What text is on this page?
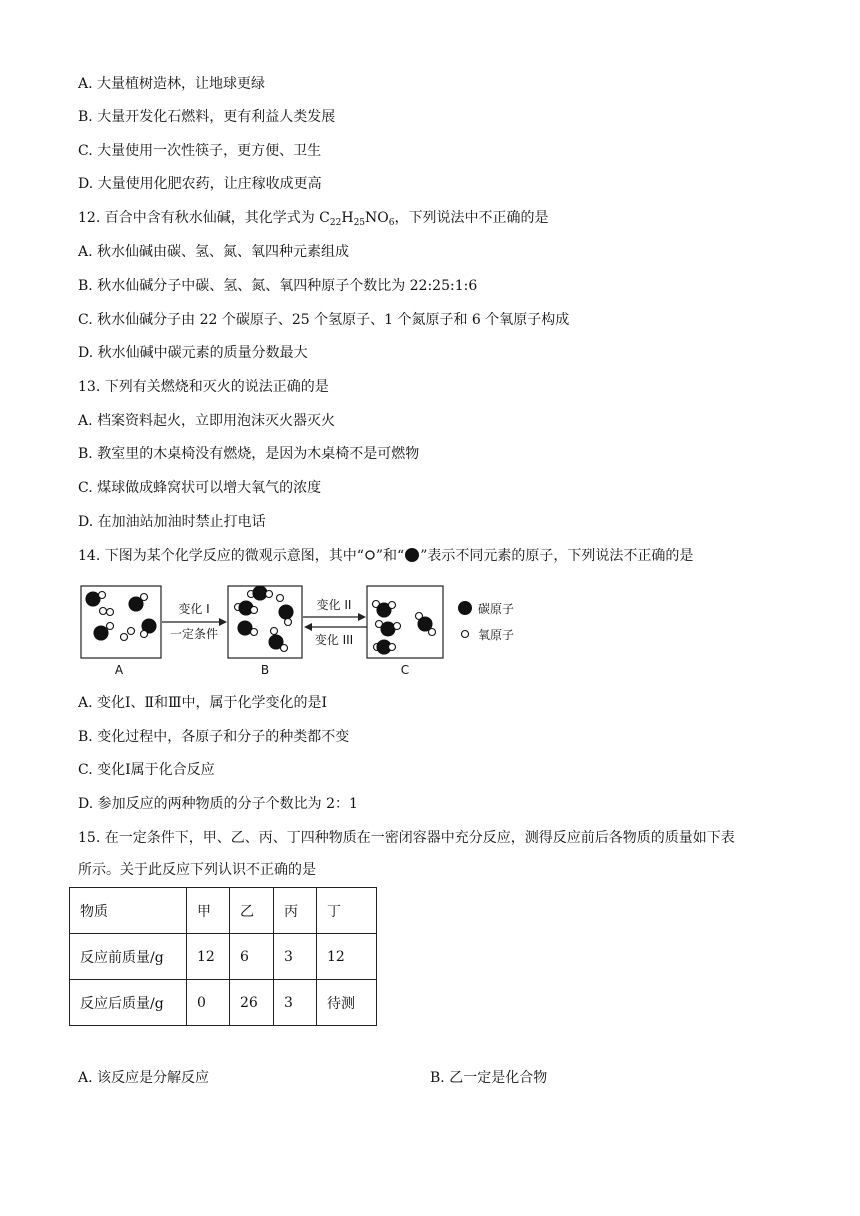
A. 大量植树造林，让地球更绿
B. 大量开发化石燃料，更有利益人类发展
C. 大量使用一次性筷子，更方便、卫生
D. 大量使用化肥农药，让庄稼收成更高
12. 百合中含有秋水仙碱，其化学式为 $C_{22}H_{25}NO_6$，下列说法中不正确的是
A. 秋水仙碱由碳、氢、氮、氧四种元素组成
B. 秋水仙碱分子中碳、氢、氮、氧四种原子个数比为 22:25:1:6
C. 秋水仙碱分子由 22 个碳原子、25 个氢原子、1 个氮原子和 6 个氧原子构成
D. 秋水仙碱中碳元素的质量分数最大
13. 下列有关燃烧和灭火的说法正确的是
A. 档案资料起火，立即用泡沫灭火器灭火
B. 教室里的木桌椅没有燃烧，是因为木桌椅不是可燃物
C. 煤球做成蜂窝状可以增大氧气的浓度
D. 在加油站加油时禁止打电话
14. 下图为某个化学反应的微观示意图，其中“ ”和“ ”表示不同元素的原子，下列说法不正确的是
变化 I
一定条件
变化 II
变化 III
A	B	C
碳原子
氧原子
A. 变化Ⅰ、Ⅱ和Ⅲ中，属于化学变化的是Ⅰ
B. 变化过程中，各原子和分子的种类都不变
C. 变化Ⅰ属于化合反应
D. 参加反应的两种物质的分子个数比为 2：1
15. 在一定条件下，甲、乙、丙、丁四种物质在一密闭容器中充分反应，测得反应前后各物质的质量如下表
所示。关于此反应下列认识不正确的是
物质	甲	乙	丙	丁
反应前质量/g	12	6	3	12
反应后质量/g	0	26	3	待测
A. 该反应是分解反应	B. 乙一定是化合物
